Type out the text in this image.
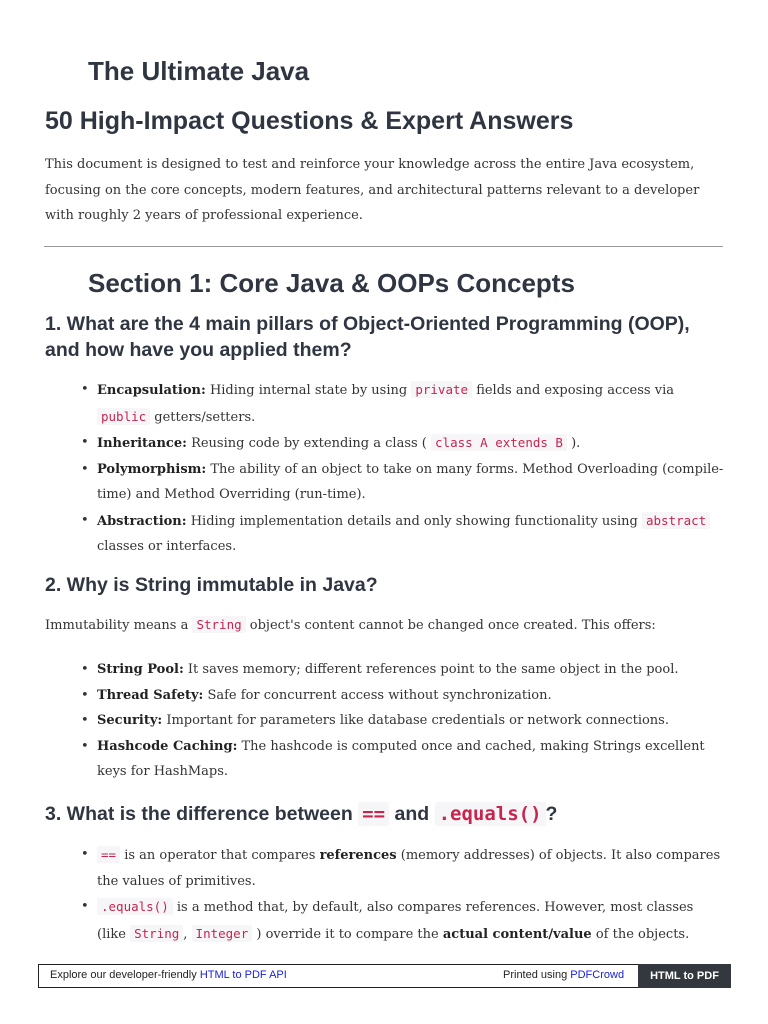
The Ultimate Java
50 High-Impact Questions & Expert Answers

This document is designed to test and reinforce your knowledge across the entire Java ecosystem, focusing on the core concepts, modern features, and architectural patterns relevant to a developer with roughly 2 years of professional experience.

Section 1: Core Java & OOPs Concepts
1. What are the 4 main pillars of Object-Oriented Programming (OOP), and how have you applied them?
• Encapsulation: Hiding internal state by using private fields and exposing access via public getters/setters.
• Inheritance: Reusing code by extending a class ( class A extends B ).
• Polymorphism: The ability of an object to take on many forms. Method Overloading (compile-time) and Method Overriding (run-time).
• Abstraction: Hiding implementation details and only showing functionality using abstract classes or interfaces.
2. Why is String immutable in Java?

Immutability means a String object's content cannot be changed once created. This offers:

• String Pool: It saves memory; different references point to the same object in the pool.
• Thread Safety: Safe for concurrent access without synchronization.
• Security: Important for parameters like database credentials or network connections.
• Hashcode Caching: The hashcode is computed once and cached, making Strings excellent keys for HashMaps.
3. What is the difference between == and .equals() ?
• == is an operator that compares references (memory addresses) of objects. It also compares the values of primitives.
• .equals() is a method that, by default, also compares references. However, most classes (like String , Integer ) override it to compare the actual content/value of the objects.
Explore our developer-friendly HTML to PDF API	Printed using PDFCrowd	HTML to PDF
